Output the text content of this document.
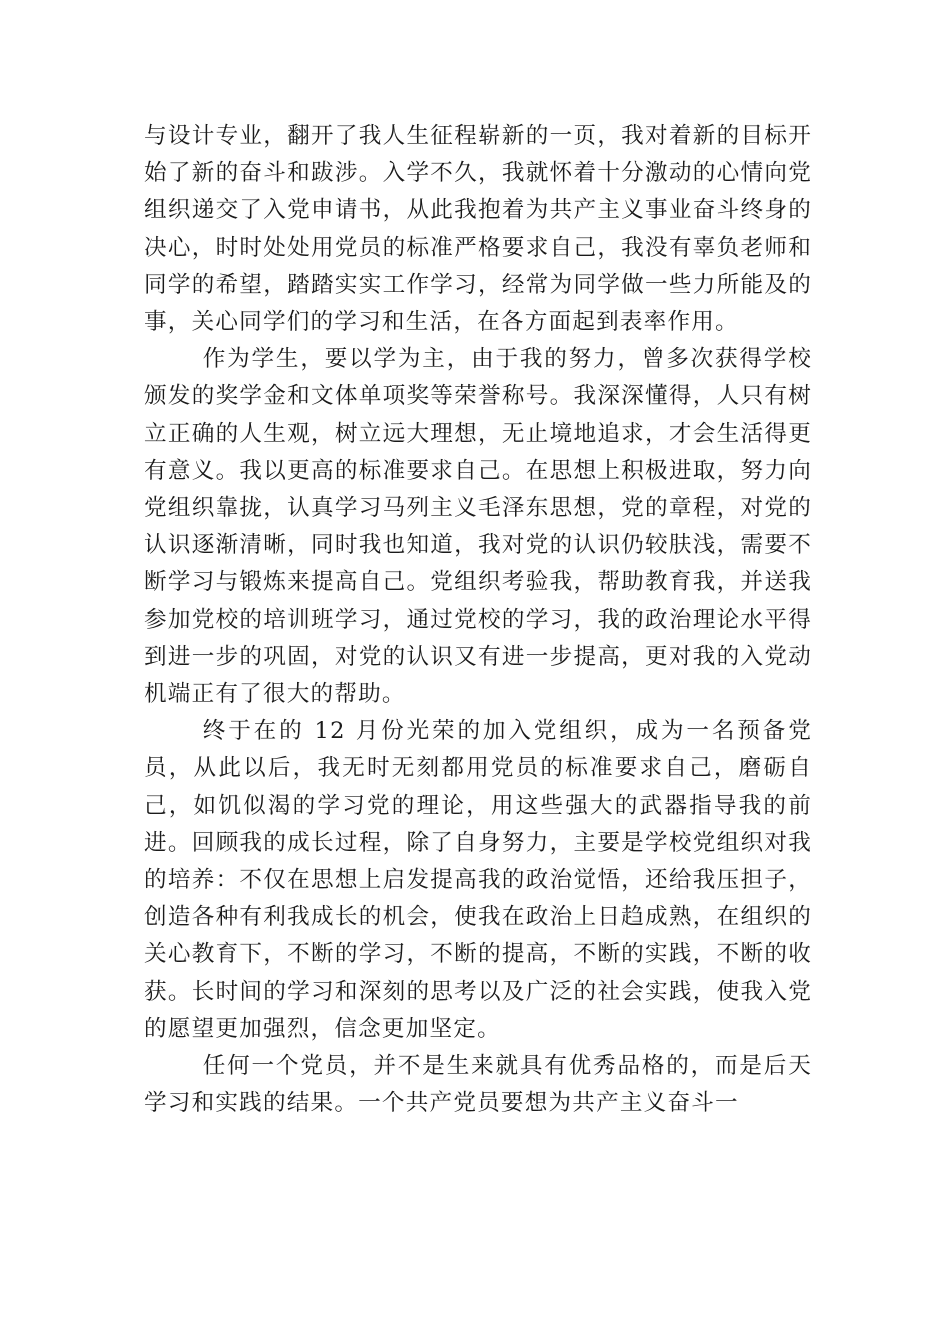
与设计专业，翻开了我人生征程崭新的一页，我对着新的目标开始了新的奋斗和跋涉。入学不久，我就怀着十分激动的心情向党组织递交了入党申请书，从此我抱着为共产主义事业奋斗终身的决心，时时处处用党员的标准严格要求自己，我没有辜负老师和同学的希望，踏踏实实工作学习，经常为同学做一些力所能及的事，关心同学们的学习和生活，在各方面起到表率作用。

作为学生，要以学为主，由于我的努力，曾多次获得学校颁发的奖学金和文体单项奖等荣誉称号。我深深懂得，人只有树立正确的人生观，树立远大理想，无止境地追求，才会生活得更有意义。我以更高的标准要求自己。在思想上积极进取，努力向党组织靠拢，认真学习马列主义毛泽东思想，党的章程，对党的认识逐渐清晰，同时我也知道，我对党的认识仍较肤浅，需要不断学习与锻炼来提高自己。党组织考验我，帮助教育我，并送我参加党校的培训班学习，通过党校的学习，我的政治理论水平得到进一步的巩固，对党的认识又有进一步提高，更对我的入党动机端正有了很大的帮助。

终于在的 12 月份光荣的加入党组织，成为一名预备党员，从此以后，我无时无刻都用党员的标准要求自己，磨砺自己，如饥似渴的学习党的理论，用这些强大的武器指导我的前进。回顾我的成长过程，除了自身努力，主要是学校党组织对我的培养：不仅在思想上启发提高我的政治觉悟，还给我压担子，创造各种有利我成长的机会，使我在政治上日趋成熟，在组织的关心教育下，不断的学习，不断的提高，不断的实践，不断的收获。长时间的学习和深刻的思考以及广泛的社会实践，使我入党的愿望更加强烈，信念更加坚定。

任何一个党员，并不是生来就具有优秀品格的，而是后天学习和实践的结果。一个共产党员要想为共产主义奋斗一
